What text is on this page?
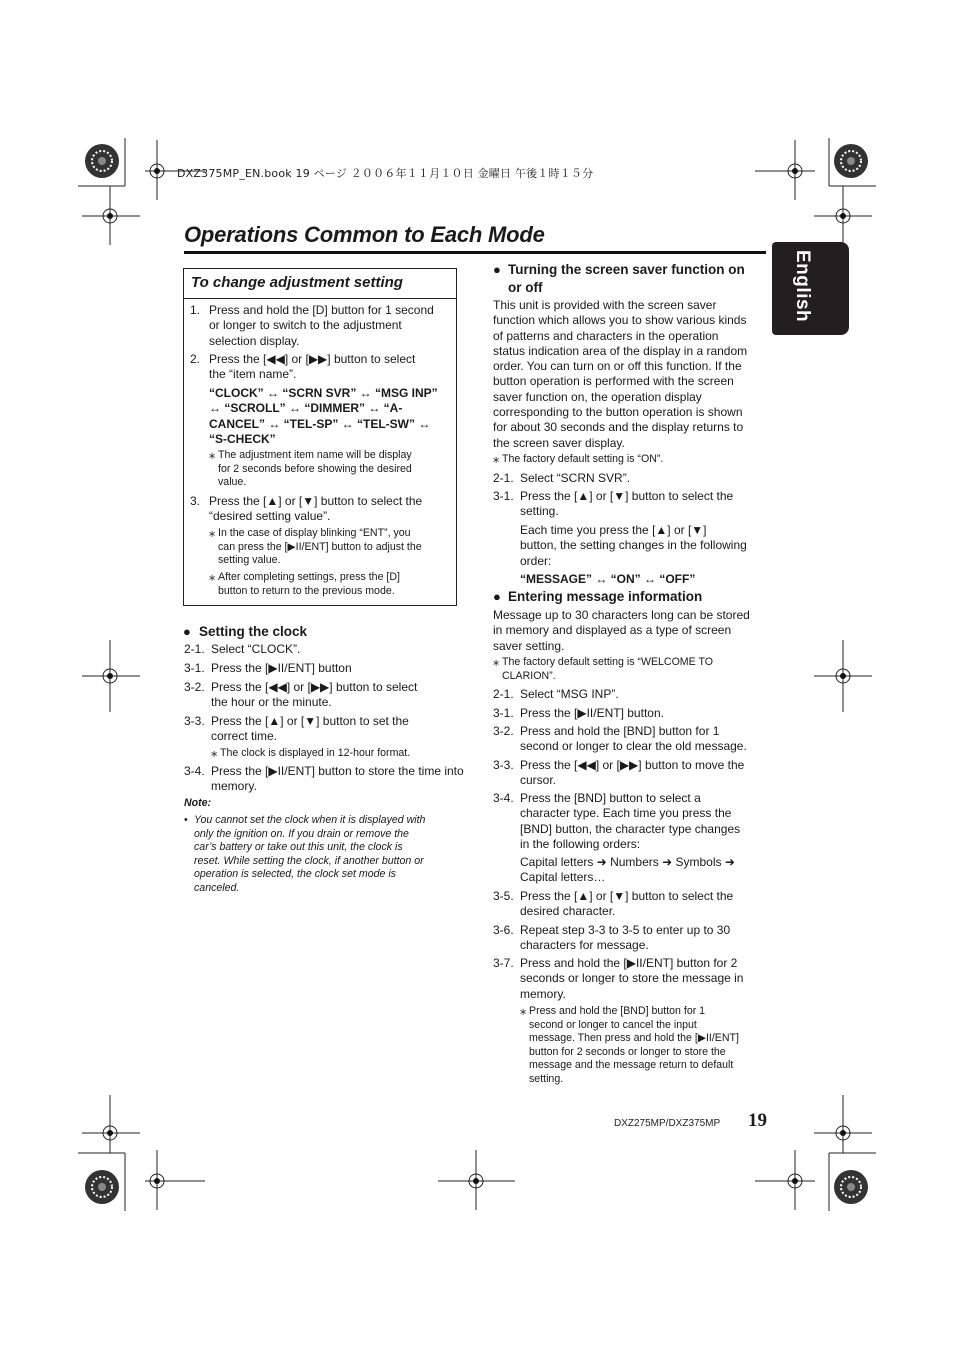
DXZ375MP_EN.book 19 ページ ２００６年１１月１０日 金曜日 午後１時１５分
Operations Common to Each Mode
English
To change adjustment setting
1. Press and hold the [D] button for 1 second
or longer to switch to the adjustment
selection display.
2. Press the [◀◀] or [▶▶] button to select
the “item name”.
“CLOCK” ↔ “SCRN SVR” ↔ “MSG INP”
↔ “SCROLL” ↔ “DIMMER” ↔ “A-
CANCEL” ↔ “TEL-SP” ↔ “TEL-SW” ↔
“S-CHECK”
∗ The adjustment item name will be display
for 2 seconds before showing the desired
value.
3. Press the [▲] or [▼] button to select the
“desired setting value”.
∗ In the case of display blinking “ENT”, you
can press the [▶II/ENT] button to adjust the
setting value.
∗ After completing settings, press the [D]
button to return to the previous mode.
● Setting the clock
2-1. Select “CLOCK”.
3-1. Press the [▶II/ENT] button
3-2. Press the [◀◀] or [▶▶] button to select
the hour or the minute.
3-3. Press the [▲] or [▼] button to set the
correct time.
∗ The clock is displayed in 12-hour format.
3-4. Press the [▶II/ENT] button to store the time into
memory.
Note:
• You cannot set the clock when it is displayed with
only the ignition on. If you drain or remove the
car’s battery or take out this unit, the clock is
reset. While setting the clock, if another button or
operation is selected, the clock set mode is
canceled.
● Turning the screen saver function on
or off
This unit is provided with the screen saver
function which allows you to show various kinds
of patterns and characters in the operation
status indication area of the display in a random
order. You can turn on or off this function. If the
button operation is performed with the screen
saver function on, the operation display
corresponding to the button operation is shown
for about 30 seconds and the display returns to
the screen saver display.
∗ The factory default setting is “ON”.
2-1. Select “SCRN SVR”.
3-1. Press the [▲] or [▼] button to select the
setting.
Each time you press the [▲] or [▼]
button, the setting changes in the following
order:
“MESSAGE” ↔ “ON” ↔ “OFF”
● Entering message information
Message up to 30 characters long can be stored
in memory and displayed as a type of screen
saver setting.
∗ The factory default setting is “WELCOME TO
CLARION”.
2-1. Select “MSG INP”.
3-1. Press the [▶II/ENT] button.
3-2. Press and hold the [BND] button for 1
second or longer to clear the old message.
3-3. Press the [◀◀] or [▶▶] button to move the
cursor.
3-4. Press the [BND] button to select a
character type. Each time you press the
[BND] button, the character type changes
in the following orders:
Capital letters ➜ Numbers ➜ Symbols ➜
Capital letters…
3-5. Press the [▲] or [▼] button to select the
desired character.
3-6. Repeat step 3-3 to 3-5 to enter up to 30
characters for message.
3-7. Press and hold the [▶II/ENT] button for 2
seconds or longer to store the message in
memory.
∗ Press and hold the [BND] button for 1
second or longer to cancel the input
message. Then press and hold the [▶II/ENT]
button for 2 seconds or longer to store the
message and the message return to default
setting.
DXZ275MP/DXZ375MP 19
